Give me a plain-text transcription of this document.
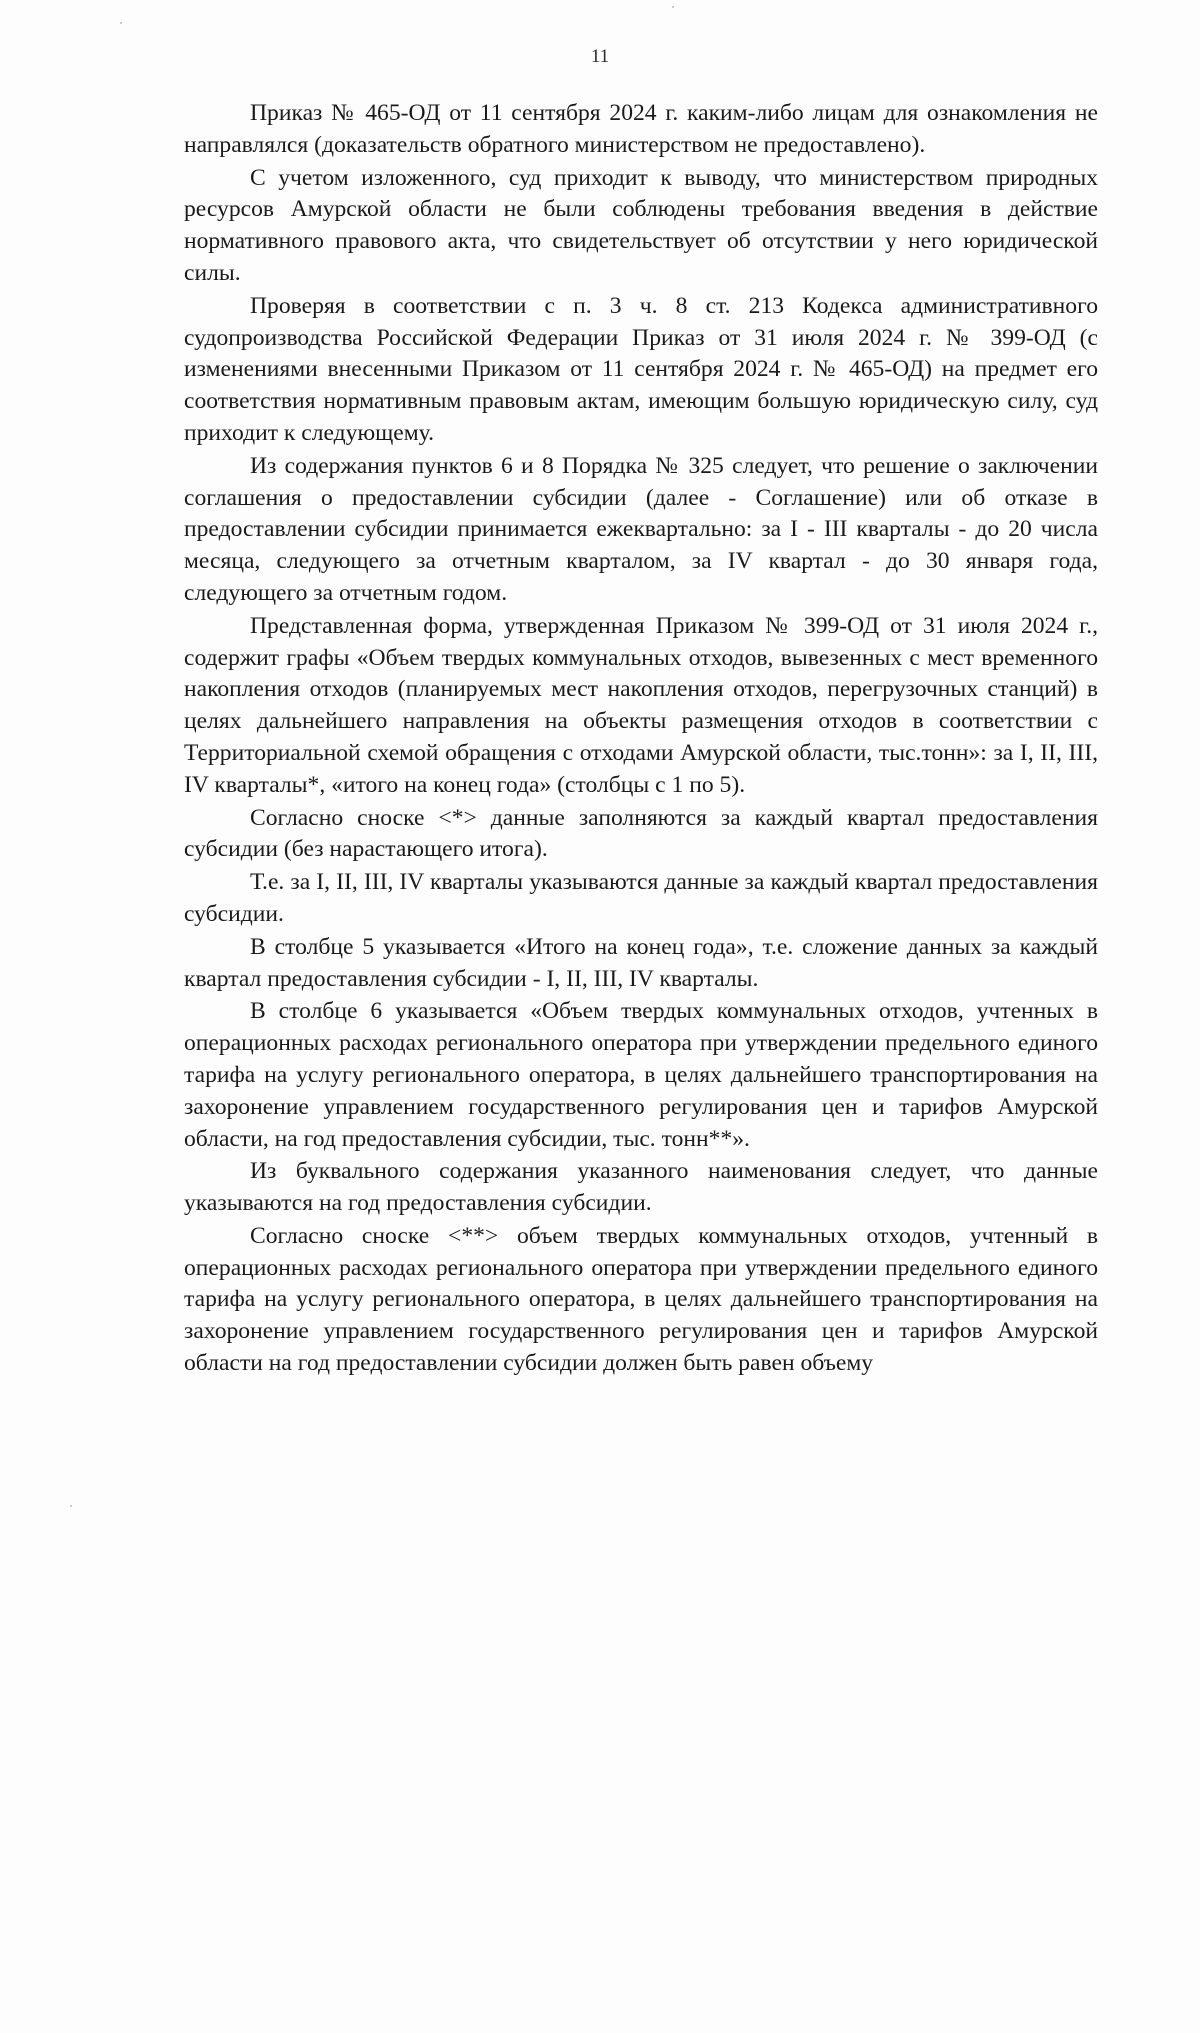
11

Приказ № 465-ОД от 11 сентября 2024 г. каким-либо лицам для ознакомления не направлялся (доказательств обратного министерством не предоставлено).

С учетом изложенного, суд приходит к выводу, что министерством природных ресурсов Амурской области не были соблюдены требования введения в действие нормативного правового акта, что свидетельствует об отсутствии у него юридической силы.

Проверяя в соответствии с п. 3 ч. 8 ст. 213 Кодекса административного судопроизводства Российской Федерации Приказ от 31 июля 2024 г. № 399-ОД (с изменениями внесенными Приказом от 11 сентября 2024 г. № 465-ОД) на предмет его соответствия нормативным правовым актам, имеющим большую юридическую силу, суд приходит к следующему.

Из содержания пунктов 6 и 8 Порядка № 325 следует, что решение о заключении соглашения о предоставлении субсидии (далее - Соглашение) или об отказе в предоставлении субсидии принимается ежеквартально: за I - III кварталы - до 20 числа месяца, следующего за отчетным кварталом, за IV квартал - до 30 января года, следующего за отчетным годом.

Представленная форма, утвержденная Приказом № 399-ОД от 31 июля 2024 г., содержит графы «Объем твердых коммунальных отходов, вывезенных с мест временного накопления отходов (планируемых мест накопления отходов, перегрузочных станций) в целях дальнейшего направления на объекты размещения отходов в соответствии с Территориальной схемой обращения с отходами Амурской области, тыс.тонн»: за I, II, III, IV кварталы*, «итого на конец года» (столбцы с 1 по 5).

Согласно сноске <*> данные заполняются за каждый квартал предоставления субсидии (без нарастающего итога).

Т.е. за I, II, III, IV кварталы указываются данные за каждый квартал предоставления субсидии.

В столбце 5 указывается «Итого на конец года», т.е. сложение данных за каждый квартал предоставления субсидии - I, II, III, IV кварталы.

В столбце 6 указывается «Объем твердых коммунальных отходов, учтенных в операционных расходах регионального оператора при утверждении предельного единого тарифа на услугу регионального оператора, в целях дальнейшего транспортирования на захоронение управлением государственного регулирования цен и тарифов Амурской области, на год предоставления субсидии, тыс. тонн**».

Из буквального содержания указанного наименования следует, что данные указываются на год предоставления субсидии.

Согласно сноске <**> объем твердых коммунальных отходов, учтенный в операционных расходах регионального оператора при утверждении предельного единого тарифа на услугу регионального оператора, в целях дальнейшего транспортирования на захоронение управлением государственного регулирования цен и тарифов Амурской области на год предоставлении субсидии должен быть равен объему
